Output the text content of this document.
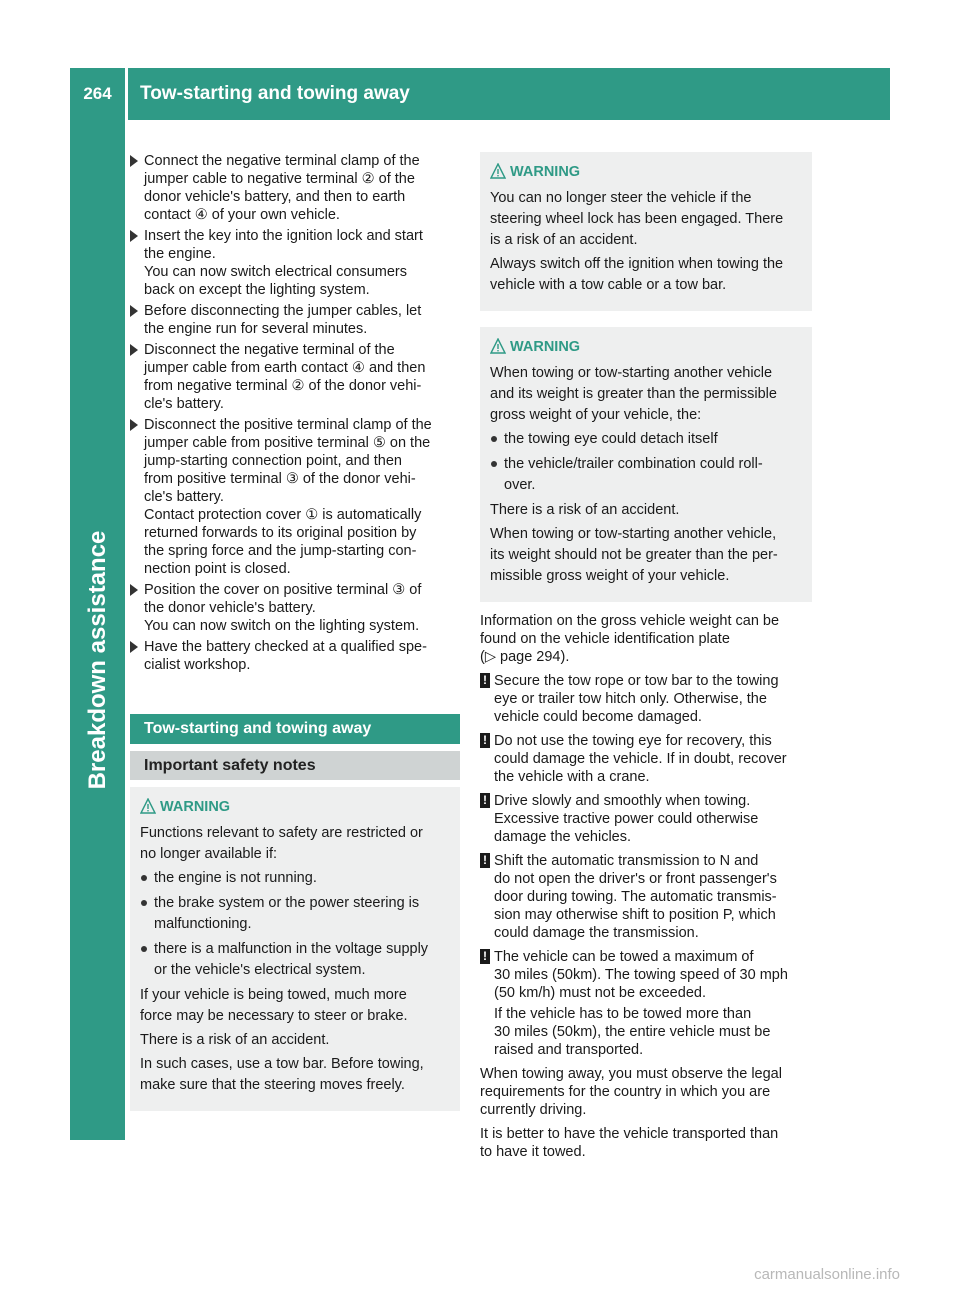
264	Tow-starting and towing away
Breakdown assistance
Connect the negative terminal clamp of the
jumper cable to negative terminal ② of the
donor vehicle's battery, and then to earth
contact ④ of your own vehicle.
Insert the key into the ignition lock and start
the engine.
You can now switch electrical consumers
back on except the lighting system.
Before disconnecting the jumper cables, let
the engine run for several minutes.
Disconnect the negative terminal of the
jumper cable from earth contact ④ and then
from negative terminal ② of the donor vehi-
cle's battery.
Disconnect the positive terminal clamp of the
jumper cable from positive terminal ⑤ on the
jump-starting connection point, and then
from positive terminal ③ of the donor vehi-
cle's battery.
Contact protection cover ① is automatically
returned forwards to its original position by
the spring force and the jump-starting con-
nection point is closed.
Position the cover on positive terminal ③ of
the donor vehicle's battery.
You can now switch on the lighting system.
Have the battery checked at a qualified spe-
cialist workshop.
Tow-starting and towing away
Important safety notes
WARNING
Functions relevant to safety are restricted or
no longer available if:
the engine is not running.
the brake system or the power steering is
malfunctioning.
there is a malfunction in the voltage supply
or the vehicle's electrical system.
If your vehicle is being towed, much more
force may be necessary to steer or brake.
There is a risk of an accident.
In such cases, use a tow bar. Before towing,
make sure that the steering moves freely.
WARNING
You can no longer steer the vehicle if the
steering wheel lock has been engaged. There
is a risk of an accident.
Always switch off the ignition when towing the
vehicle with a tow cable or a tow bar.
WARNING
When towing or tow-starting another vehicle
and its weight is greater than the permissible
gross weight of your vehicle, the:
the towing eye could detach itself
the vehicle/trailer combination could roll-
over.
There is a risk of an accident.
When towing or tow-starting another vehicle,
its weight should not be greater than the per-
missible gross weight of your vehicle.
Information on the gross vehicle weight can be
found on the vehicle identification plate
(▷ page 294).
! Secure the tow rope or tow bar to the towing
eye or trailer tow hitch only. Otherwise, the
vehicle could become damaged.
! Do not use the towing eye for recovery, this
could damage the vehicle. If in doubt, recover
the vehicle with a crane.
! Drive slowly and smoothly when towing.
Excessive tractive power could otherwise
damage the vehicles.
! Shift the automatic transmission to N and
do not open the driver's or front passenger's
door during towing. The automatic transmis-
sion may otherwise shift to position P, which
could damage the transmission.
! The vehicle can be towed a maximum of
30 miles (50km). The towing speed of 30 mph
(50 km/h) must not be exceeded.
If the vehicle has to be towed more than
30 miles (50km), the entire vehicle must be
raised and transported.
When towing away, you must observe the legal
requirements for the country in which you are
currently driving.
It is better to have the vehicle transported than
to have it towed.
carmanualsonline.info
